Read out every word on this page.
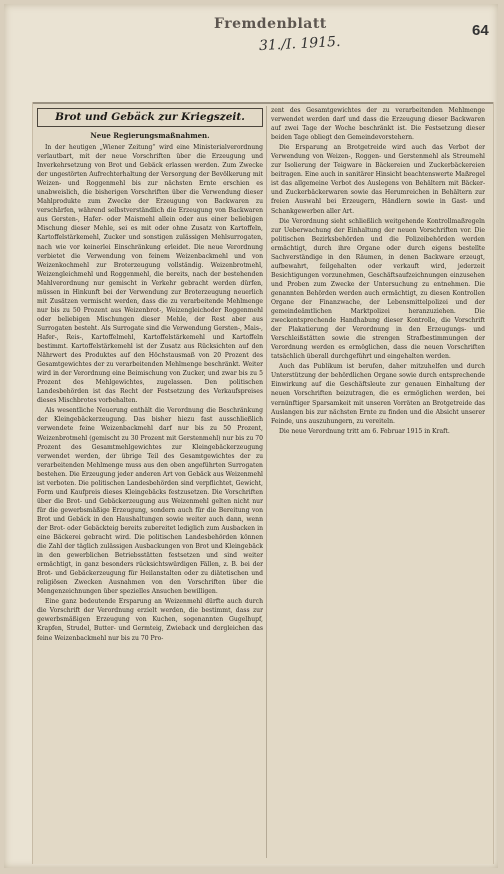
Fremdenblatt
31./I. 1915.
64
Brot und Gebäck zur Kriegszeit.
Neue Regierungsmaßnahmen.

In der heutigen „Wiener Zeitung“ wird eine Ministerialverordnung verlautbart, mit der neue Vorschriften über die Erzeugung und Inverkehrsetzung von Brot und Gebäck erlassen werden. Zum Zwecke der ungestörten Aufrechterhaltung der Versorgung der Bevölkerung mit Weizen- und Roggenmehl bis zur nächsten Ernte erschien es unabweislich, die bisherigen Vorschriften über die Verwendung dieser Mahlprodukte zum Zwecke der Erzeugung von Backwaren zu verschärfen, während selbstverständlich die Erzeugung von Backwaren aus Gersten-, Hafer- oder Maismehl allein oder aus einer beliebigen Mischung dieser Mehle, sei es mit oder ohne Zusatz von Kartoffeln, Kartoffelstärkemehl, Zucker und sonstigen zulässigen Mehlsurrogaten, nach wie vor keinerlei Einschränkung erleidet. Die neue Verordnung verbietet die Verwendung von feinem Weizenbackmehl und von Weizenkochmehl zur Broterzeugung vollständig. Weizenbrotmehl, Weizengleichmehl und Roggenmehl, die bereits, nach der bestehenden Mahlverordnung nur gemischt in Verkehr gebracht werden dürfen, müssen in Hinkunft bei der Verwendung zur Broterzeugung neuerlich mit Zusätzen vermischt werden, dass die zu verarbeitende Mehlmenge nur bis zu 50 Prozent aus Weizenbrot-, Weizengleichoder Roggenmehl oder beliebigen Mischungen dieser Mehle, der Rest aber aus Surrogaten besteht. Als Surrogate sind die Verwendung Gersten-, Mais-, Hafer-, Reis-, Kartoffelmehl, Kartoffelstärkemehl und Kartoffeln bestimmt. Kartoffelstärkemehl ist der Zusatz aus Rücksichten auf den Nährwert des Produktes auf den Höchstausmaß von 20 Prozent des Gesamtgewichtes der zu verarbeitenden Mehlmenge beschränkt. Weiter wird in der Verordnung eine Beimischung von Zucker, und zwar bis zu 5 Prozent des Mehlgewichtes, zugelassen. Den politischen Landesbehörden ist das Recht der Festsetzung des Verkaufspreises dieses Mischbrotes vorbehalten.

Als wesentliche Neuerung enthält die Verordnung die Beschränkung der Kleingebäckerzeugung. Das bisher hiezu fast ausschließlich verwendete feine Weizenbackmehl darf nur bis zu 50 Prozent, Weizenbrotmehl (gemischt zu 30 Prozent mit Gerstenmehl) nur bis zu 70 Prozent des Gesamtmehlgewichtes zur Kleingebäckerzeugung verwendet werden, der übrige Teil des Gesamtgewichtes der zu verarbeitenden Mehlmenge muss aus den oben angeführten Surrogaten bestehen. Die Erzeugung jeder anderen Art von Gebäck aus Weizenmehl ist verboten. Die politischen Landesbehörden sind verpflichtet, Gewicht, Form und Kaufpreis dieses Kleingebäcks festzusetzen. Die Vorschriften über die Brot- und Gebäckerzeugung aus Weizenmehl gelten nicht nur für die gewerbsmäßige Erzeugung, sondern auch für die Bereitung von Brot und Gebäck in den Haushaltungen sowie weiter auch dann, wenn der Brot- oder Gebäckteig bereits zubereitet lediglich zum Ausbacken in eine Bäckerei gebracht wird. Die politischen Landesbehörden können die Zahl der täglich zulässigen Ausbackungen von Brot und Kleingebäck in den gewerblichen Betriebsstätten festsetzen und sind weiter ermächtigt, in ganz besonders rücksichtswürdigen Fällen, z. B. bei der Brot- und Gebäckerzeugung für Heilanstalten oder zu diätetischen und religiösen Zwecken Ausnahmen von den Vorschriften über die Mengenzeichnungen über spezielles Ansuchen bewilligen.

Eine ganz bedeutende Ersparung an Weizenmehl dürfte auch durch die Vorschrift der Verordnung erzielt werden, die bestimmt, dass zur gewerbsmäßigen Erzeugung von Kuchen, sogenannten Gugelhupf, Krapfen, Strudel, Butter- und Germteig, Zwieback und dergleichen das feine Weizenbackmehl nur bis zu 70 Pro-

zent des Gesamtgewichtes der zu verarbeitenden Mehlmenge verwendet werden darf und dass die Erzeugung dieser Backwaren auf zwei Tage der Woche beschränkt ist. Die Festsetzung dieser beiden Tage obliegt den Gemeindevorstehern.

Die Ersparung an Brotgetreide wird auch das Verbot der Verwendung von Weizen-, Roggen- und Gerstenmehl als Streumehl zur Isolierung der Teigware in Bäckereien und Zuckerbäckereien beitragen. Eine auch in sanitärer Hinsicht beachtenswerte Maßregel ist das allgemeine Verbot des Auslegens von Behältern mit Bäcker- und Zuckerbäckerwaren sowie das Herumreichen in Behältern zur freien Auswahl bei Erzeugern, Händlern sowie in Gast- und Schankgewerben aller Art.

Die Verordnung sieht schließlich weitgehende Kontrollmaßregeln zur Ueberwachung der Einhaltung der neuen Vorschriften vor. Die politischen Bezirksbehörden und die Polizeibehörden werden ermächtigt, durch ihre Organe oder durch eigens bestellte Sachverständige in den Räumen, in denen Backware erzeugt, aufbewahrt, feilgehalten oder verkauft wird, jederzeit Besichtigungen vorzunehmen, Geschäftsaufzeichnungen einzusehen und Proben zum Zwecke der Untersuchung zu entnehmen. Die genannten Behörden werden auch ermächtigt, zu diesen Kontrollen Organe der Finanzwache, der Lebensmittelpolizei und der gemeindeämtlichen Marktpolizei heranzuziehen. Die zweckentsprechende Handhabung dieser Kontrolle, die Vorschrift der Plakatierung der Verordnung in den Erzeugungs- und Verschleißstätten sowie die strengen Strafbestimmungen der Verordnung werden es ermöglichen, dass die neuen Vorschriften tatsächlich überall durchgeführt und eingehalten werden.

Auch das Publikum ist berufen, daher mitzuhelfen und durch Unterstützung der behördlichen Organe sowie durch entsprechende Einwirkung auf die Geschäftsleute zur genauen Einhaltung der neuen Vorschriften beizutragen, die es ermöglichen werden, bei vernünftiger Sparsamkeit mit unseren Vorräten an Brotgetreide das Auslangen bis zur nächsten Ernte zu finden und die Absicht unserer Feinde, uns auszuhungern, zu vereiteln.

Die neue Verordnung tritt am 6. Februar 1915 in Kraft.
